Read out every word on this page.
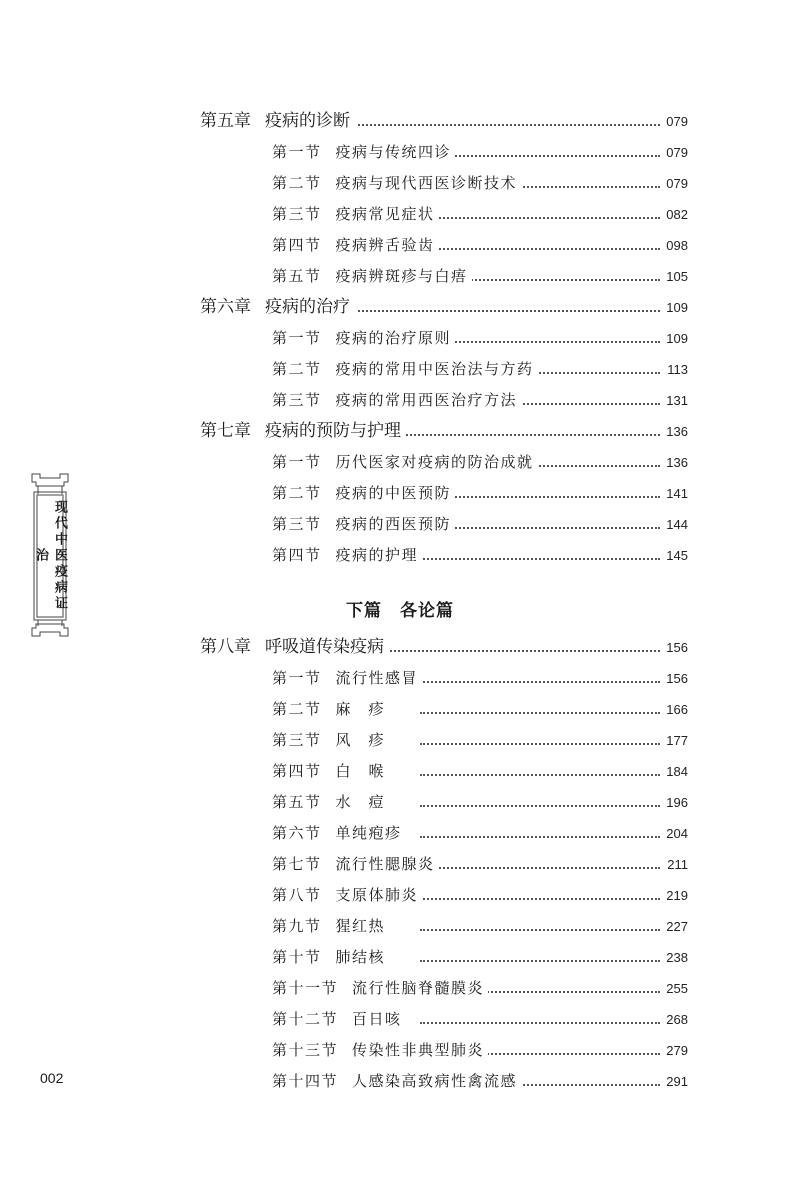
第五章 疫病的诊断	079
第一节 疫病与传统四诊	079
第二节 疫病与现代西医诊断技术	079
第三节 疫病常见症状	082
第四节 疫病辨舌验齿	098
第五节 疫病辨斑疹与白痦	105
第六章 疫病的治疗	109
第一节 疫病的治疗原则	109
第二节 疫病的常用中医治法与方药	113
第三节 疫病的常用西医治疗方法	131
第七章 疫病的预防与护理	136
第一节 历代医家对疫病的防治成就	136
第二节 疫病的中医预防	141
第三节 疫病的西医预防	144
第四节 疫病的护理	145
下篇 各论篇
第八章 呼吸道传染疫病	156
第一节 流行性感冒	156
第二节 麻　疹	166
第三节 风　疹	177
第四节 白　喉	184
第五节 水　痘	196
第六节 单纯疱疹	204
第七节 流行性腮腺炎	211
第八节 支原体肺炎	219
第九节 猩红热	227
第十节 肺结核	238
第十一节 流行性脑脊髓膜炎	255
第十二节 百日咳	268
第十三节 传染性非典型肺炎	279
第十四节 人感染高致病性禽流感	291
现代中医疫病证治
002
